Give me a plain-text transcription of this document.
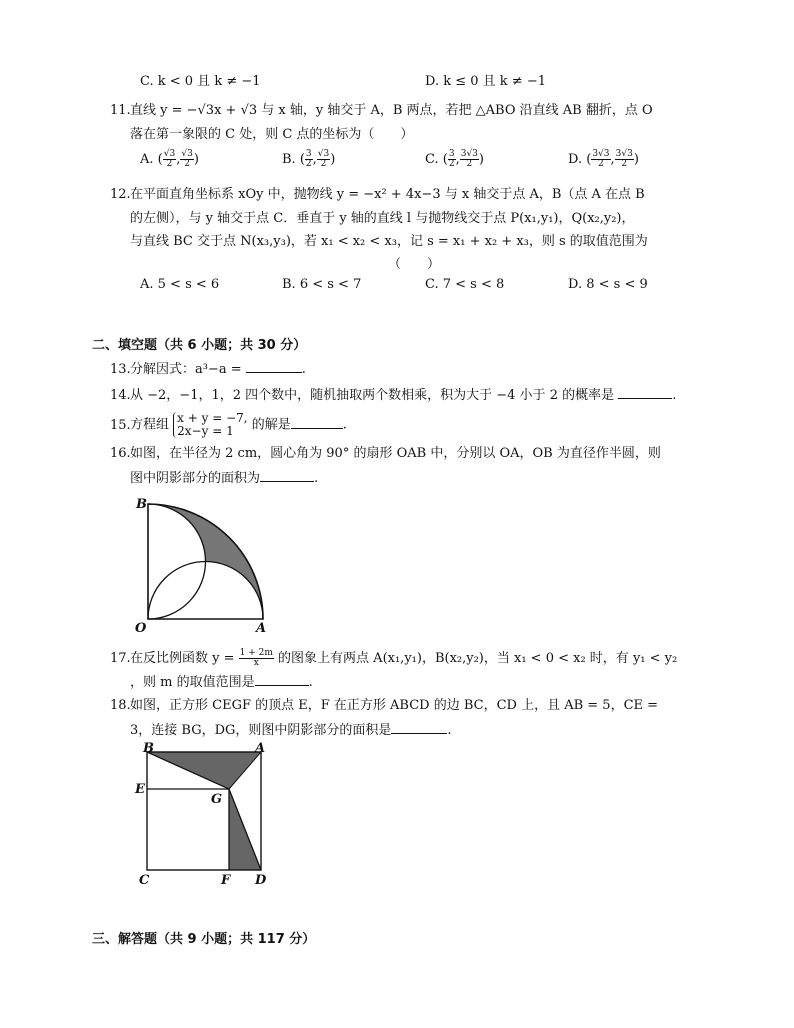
C. k < 0 且 k ≠ −1	D. k ≤ 0 且 k ≠ −1
11.直线 y = −√3x + √3 与 x 轴，y 轴交于 A，B 两点，若把 △ABO 沿直线 AB 翻折，点 O
落在第一象限的 C 处，则 C 点的坐标为（　　）
A. ( $\frac{√3}{2}$ , $\frac{√3}{2}$ )	B. ( $\frac{3}{2}$ , $\frac{√3}{2}$ )	C. ( $\frac{3}{2}$ , $\frac{3√3}{2}$ )	D. ( $\frac{3√3}{2}$ , $\frac{3√3}{2}$ )
12.在平面直角坐标系 xOy 中，抛物线 y = −x² + 4x−3 与 x 轴交于点 A，B（点 A 在点 B
的左侧），与 y 轴交于点 C．垂直于 y 轴的直线 l 与抛物线交于点 P(x₁,y₁)，Q(x₂,y₂)，
与直线 BC 交于点 N(x₃,y₃)，若 x₁ < x₂ < x₃，记 s = x₁ + x₂ + x₃，则 s 的取值范围为
（　　）
A. 5 < s < 6	B. 6 < s < 7	C. 7 < s < 8	D. 8 < s < 9
二、填空题（共 6 小题；共 30 分）
13.分解因式：a³−a =	.
14.从 −2，−1，1，2 四个数中，随机抽取两个数相乘，积为大于 −4 小于 2 的概率是	.
15.方程组 x + y = −7,
2x−y = 1	的解是	.
16.如图，在半径为 2 cm，圆心角为 90° 的扇形 OAB 中，分别以 OA，OB 为直径作半圆，则
图中阴影部分的面积为	.
B
O	A
17.在反比例函数 $y = \frac{1 + 2m}{x}$ 的图象上有两点 A(x₁,y₁)，B(x₂,y₂)，当 x₁ < 0 < x₂ 时，有 y₁ < y₂
，则 m 的取值范围是	.
18.如图，正方形 CEGF 的顶点 E，F 在正方形 ABCD 的边 BC，CD 上，且 AB = 5，CE =
3，连接 BG，DG，则图中阴影部分的面积是	.
B	A
E
G
C	F D
三、解答题（共 9 小题；共 117 分）
